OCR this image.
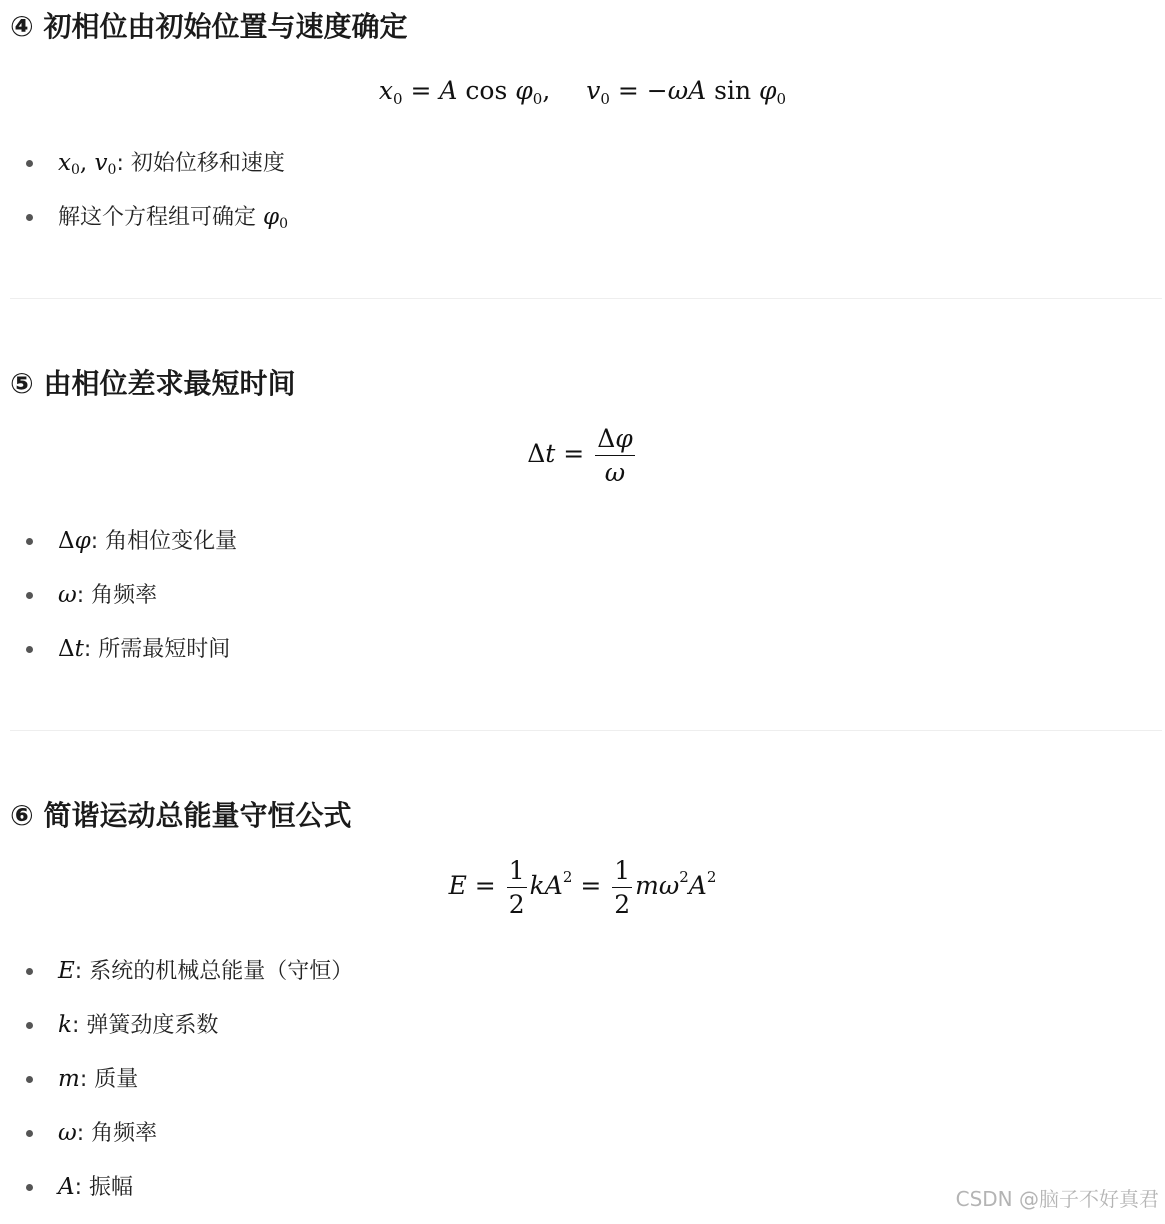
④ 初相位由初始位置与速度确定
$x_0 = A$ $\cos \varphi_0$, $v_0 = -\omega A$ $\sin \varphi_0$
$x_0$, $v_0$: 初始位移和速度
解这个方程组可确定 $\varphi_0$
⑤ 由相位差求最短时间
$\Delta t = \frac{\Delta\varphi}{\omega}$
Δφ: 角相位变化量
ω: 角频率
Δt: 所需最短时间
⑥ 简谐运动总能量守恒公式
$E = \frac{1}{2} kA^2 = \frac{1}{2} m\omega^2A^2$
E: 系统的机械总能量（守恒）
k: 弹簧劲度系数
m: 质量
ω: 角频率
A: 振幅	CSDN @脑子不好真君
